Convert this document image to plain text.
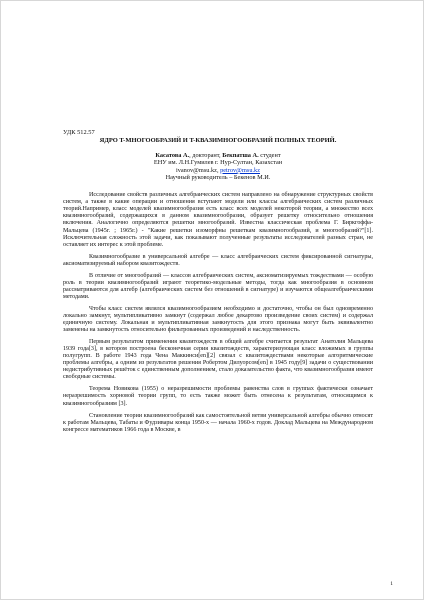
УДК 512.57
ЯДРО T-МНОГООБРАЗИЙ И T-КВАЗИМНОГООБРАЗИЙ ПОЛНЫХ ТЕОРИЙ.
Касатова А., докторант, Бекпатша А. студент
ЕНУ им. Л.Н.Гумилев г. Нур-Султан, Казахстан
ivanov@msu.kz, petrov@msu.kz
Научный руководитель – Бекенов М.И.

Исследование свойств различных алгебраических систем направлено на обнаружение структурных свойств систем, а также в какие операции и отношения вступают модели или классы алгебраических систем различных теорий.Например, класс моделей квазимногообразия есть класс всех моделей некоторой теории, а множество всех квазимногообразий, содержащихся в данном квазимногообразии, образует решетку относительно отношения включения. Аналогично определяются решетки многообразий. Известна классическая проблема Г. Биркгоффа-Мальцева (1945г. ; 1965г.) - "Какие решетки изоморфны решеткам квазимногообразий, и многообразий?"[1]. Исключительная сложность этой задачи, как показывают полученные результаты исследователей разных стран, не оставляет их интерес к этой проблеме.

Квазимногообразие в универсальной алгебре — класс алгебраических систем фиксированной сигнатуры, аксиоматизируемый набором квазитождеств.

В отличие от многообразий — классов алгебраических систем, аксиоматизируемых тождествами — особую роль в теории квазимногообразий играют теоретико-модельные методы, тогда как многообразия в основном рассматриваются для алгебр (алгебраических систем без отношений в сигнатуре) и изучаются общеалгебраическими методами.

Чтобы класс систем являлся квазимногообразием необходимо и достаточно, чтобы он был одновременно локально замкнут, мультипликативно замкнут (содержал любое декартово произведение своих систем) и содержал единичную систему. Локальная и мультипликативная замкнутость для этого признака могут быть эквивалентно заменены на замкнутость относительно фильтрованных произведений и наследственность.

Первым результатом применения квазитождеств в общей алгебре считается результат Анатолия Мальцева 1939 года[3], в котором построена бесконечная серия квазитождеств, характеризующая класс вложимых в группы полугрупп. В работе 1943 года Чена Маккинси[en][2] связал с квазитождествами некоторые алгоритмические проблемы алгебры, а одним из результатов решения Робертом Дилуорсом[en] в 1945 году[9] задачи о существовании недистрибутивных решёток с единственным дополнением, стало доказательство факта, что квазимногообразия имеют свободные системы.

Теорема Новикова (1955) о неразрешимости проблемы равенства слов в группах фактически означает неразрешимость хорновой теории групп, то есть также может быть отнесена к результатам, относящимся к квазимногообразиям [3].

Становление теории квазимногообразий как самостоятельной ветви универсальной алгебры обычно относят к работам Мальцева, Табаты и Фудзивары конца 1950-х — начала 1960-х годов. Доклад Мальцева на Международном конгрессе математиков 1966 года в Москве, в

1
